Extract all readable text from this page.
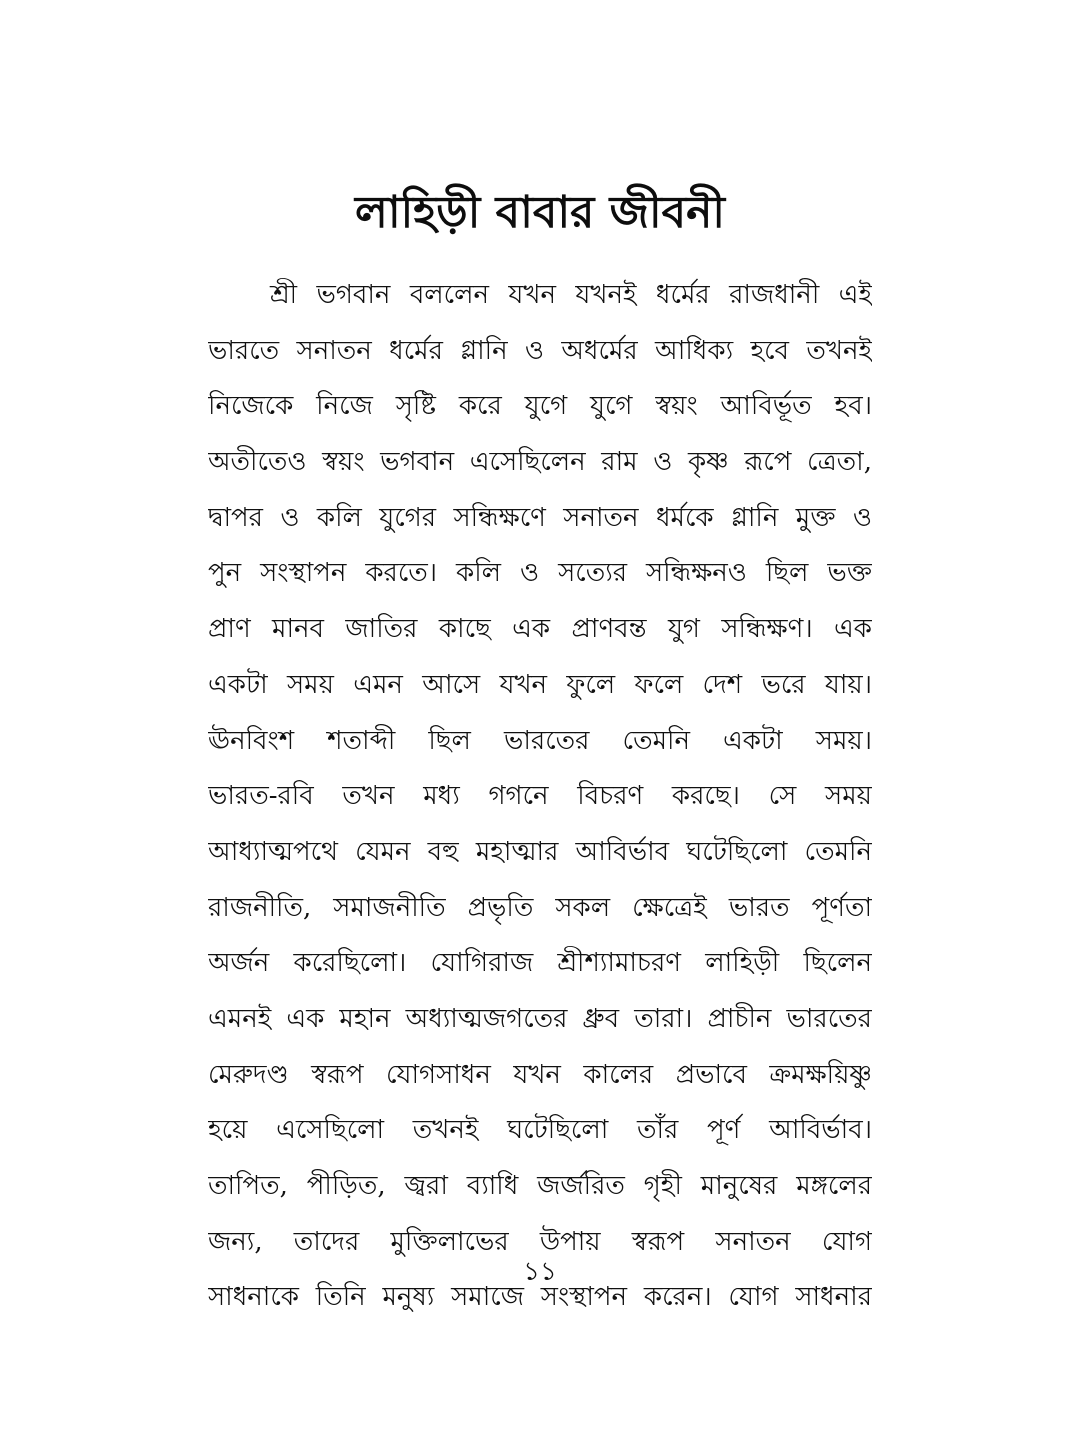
লাহিড়ী বাবার জীবনী
শ্রী ভগবান বললেন যখন যখনই ধর্মের রাজধানী এই
ভারতে সনাতন ধর্মের গ্লানি ও অধর্মের আধিক্য হবে তখনই
নিজেকে নিজে সৃষ্টি করে যুগে যুগে স্বয়ং আবির্ভূত হব।
অতীতেও স্বয়ং ভগবান এসেছিলেন রাম ও কৃষ্ণ রূপে ত্রেতা,
দ্বাপর ও কলি যুগের সন্ধিক্ষণে সনাতন ধর্মকে গ্লানি মুক্ত ও
পুন সংস্থাপন করতে। কলি ও সত্যের সন্ধিক্ষনও ছিল ভক্ত
প্রাণ মানব জাতির কাছে এক প্রাণবন্ত যুগ সন্ধিক্ষণ। এক
একটা সময় এমন আসে যখন ফুলে ফলে দেশ ভরে যায়।
ঊনবিংশ শতাব্দী ছিল ভারতের তেমনি একটা সময়।
ভারত-রবি তখন মধ্য গগনে বিচরণ করছে। সে সময়
আধ্যাত্মপথে যেমন বহু মহাত্মার আবির্ভাব ঘটেছিলো তেমনি
রাজনীতি, সমাজনীতি প্রভৃতি সকল ক্ষেত্রেই ভারত পূর্ণতা
অর্জন করেছিলো। যোগিরাজ শ্রীশ্যামাচরণ লাহিড়ী ছিলেন
এমনই এক মহান অধ্যাত্মজগতের ধ্রুব তারা। প্রাচীন ভারতের
মেরুদণ্ড স্বরূপ যোগসাধন যখন কালের প্রভাবে ক্রমক্ষয়িষ্ণু
হয়ে এসেছিলো তখনই ঘটেছিলো তাঁর পূর্ণ আবির্ভাব।
তাপিত, পীড়িত, জ্বরা ব্যাধি জর্জরিত গৃহী মানুষের মঙ্গলের
জন্য, তাদের মুক্তিলাভের উপায় স্বরূপ সনাতন যোগ
সাধনাকে তিনি মনুষ্য সমাজে সংস্থাপন করেন। যোগ সাধনার
১১
